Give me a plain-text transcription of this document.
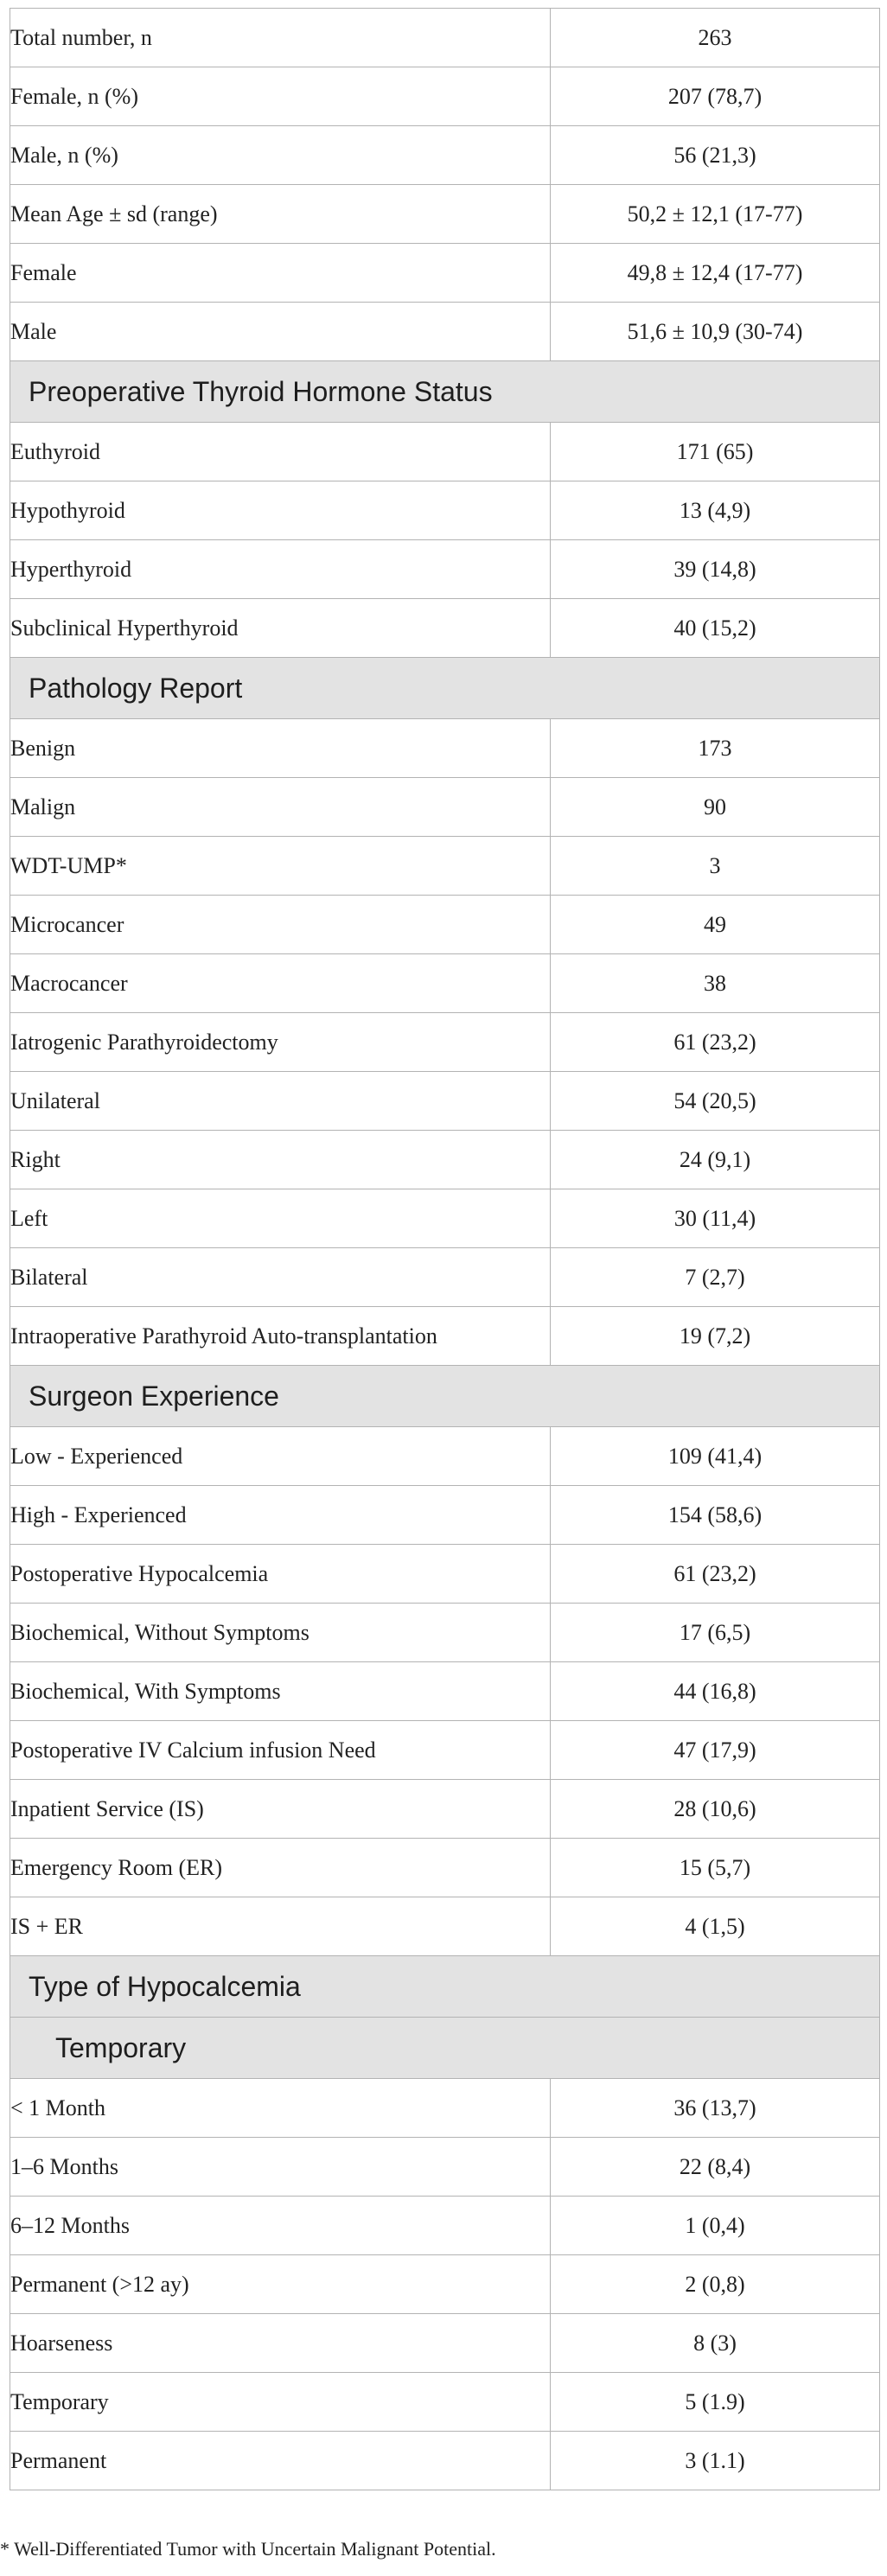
Total number, n	263
Female, n (%)	207 (78,7)
Male, n (%)	56 (21,3)
Mean Age ± sd (range)	50,2 ± 12,1 (17-77)
Female	49,8 ± 12,4 (17-77)
Male	51,6 ± 10,9 (30-74)
Preoperative Thyroid Hormone Status	
Euthyroid	171 (65)
Hypothyroid	13 (4,9)
Hyperthyroid	39 (14,8)
Subclinical Hyperthyroid	40 (15,2)
Pathology Report	
Benign	173
Malign	90
WDT-UMP*	3
Microcancer	49
Macrocancer	38
Iatrogenic Parathyroidectomy	61 (23,2)
Unilateral	54 (20,5)
Right	24 (9,1)
Left	30 (11,4)
Bilateral	7 (2,7)
Intraoperative Parathyroid Auto-transplantation	19 (7,2)
Surgeon Experience	
Low - Experienced	109 (41,4)
High - Experienced	154 (58,6)
Postoperative Hypocalcemia	61 (23,2)
Biochemical, Without Symptoms	17 (6,5)
Biochemical, With Symptoms	44 (16,8)
Postoperative IV Calcium infusion Need	47 (17,9)
Inpatient Service (IS)	28 (10,6)
Emergency Room (ER)	15 (5,7)
IS + ER	4 (1,5)
Type of Hypocalcemia	
Temporary	
< 1 Month	36 (13,7)
1–6 Months	22 (8,4)
6–12 Months	1 (0,4)
Permanent (>12 ay)	2 (0,8)
Hoarseness	8 (3)
Temporary	5 (1.9)
Permanent	3 (1.1)
* Well-Differentiated Tumor with Uncertain Malignant Potential.
